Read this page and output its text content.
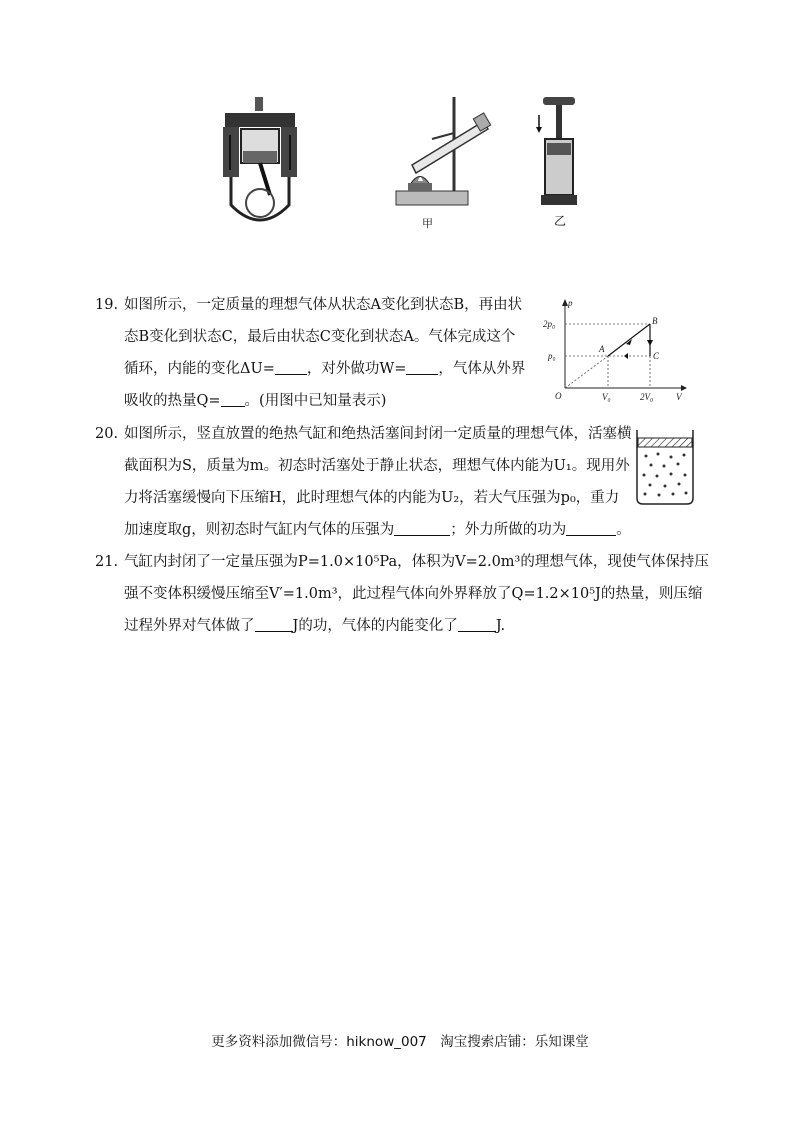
甲	乙
19. 如图所示，一定质量的理想气体从状态A变化到状态B，再由状
态B变化到状态C，最后由状态C变化到状态A。气体完成这个
循环，内能的变化ΔU= ，对外做功W= ，气体从外界
吸收的热量Q= 。(用图中已知量表示)
p
V
O
2p₀
p₀
V₀	2V₀
A
B
C
20. 如图所示，竖直放置的绝热气缸和绝热活塞间封闭一定质量的理想气体，活塞横
截面积为S，质量为m。初态时活塞处于静止状态，理想气体内能为U₁。现用外
力将活塞缓慢向下压缩H，此时理想气体的内能为U₂，若大气压强为p₀，重力
加速度取g，则初态时气缸内气体的压强为	；外力所做的功为	。
21. 气缸内封闭了一定量压强为P=1.0×10⁵Pa，体积为V=2.0m³的理想气体，现使气体保持压
强不变体积缓慢压缩至V′=1.0m³，此过程气体向外界释放了Q=1.2×10⁵J的热量，则压缩
过程外界对气体做了	J的功，气体的内能变化了	J.
更多资料添加微信号：hiknow_007　淘宝搜索店铺：乐知课堂
